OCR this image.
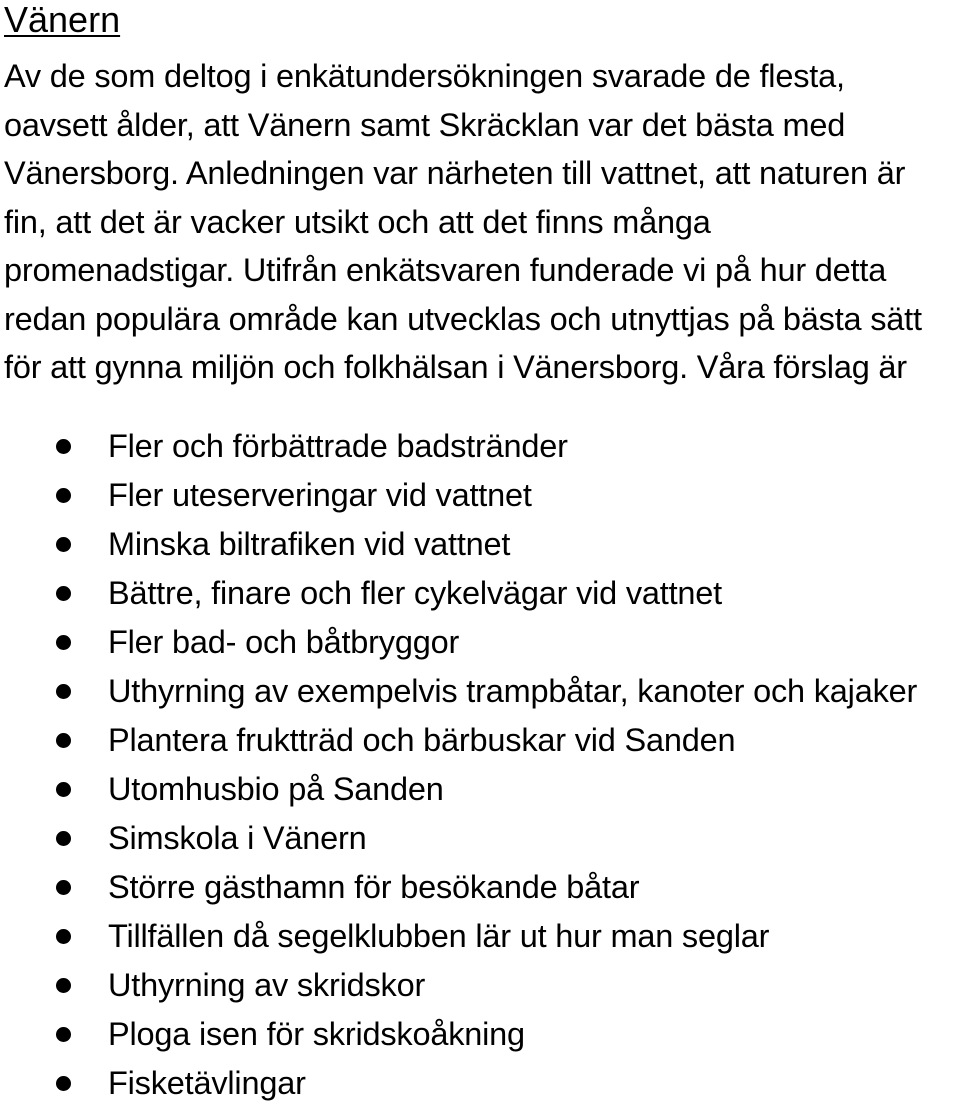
Vänern

Av de som deltog i enkätundersökningen svarade de flesta,
oavsett ålder, att Vänern samt Skräcklan var det bästa med
Vänersborg. Anledningen var närheten till vattnet, att naturen är
fin, att det är vacker utsikt och att det finns många
promenadstigar. Utifrån enkätsvaren funderade vi på hur detta
redan populära område kan utvecklas och utnyttjas på bästa sätt
för att gynna miljön och folkhälsan i Vänersborg. Våra förslag är

Fler och förbättrade badstränder
Fler uteserveringar vid vattnet
Minska biltrafiken vid vattnet
Bättre, finare och fler cykelvägar vid vattnet
Fler bad- och båtbryggor
Uthyrning av exempelvis trampbåtar, kanoter och kajaker
Plantera fruktträd och bärbuskar vid Sanden
Utomhusbio på Sanden
Simskola i Vänern
Större gästhamn för besökande båtar
Tillfällen då segelklubben lär ut hur man seglar
Uthyrning av skridskor
Ploga isen för skridskoåkning
Fisketävlingar
